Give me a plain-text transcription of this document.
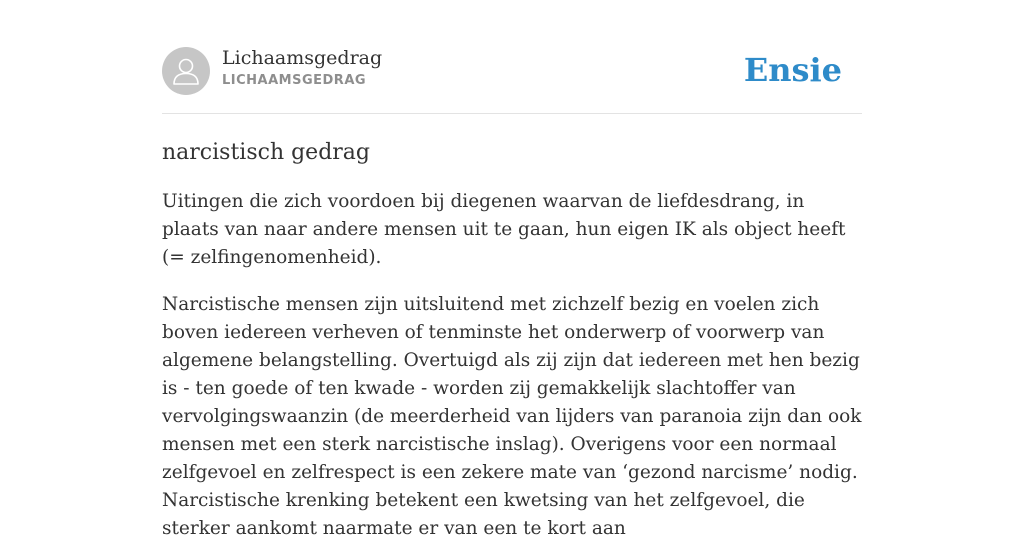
Lichaamsgedrag
LICHAAMSGEDRAG	Ensie
narcistisch gedrag

Uitingen die zich voordoen bij diegenen waarvan de liefdesdrang, in plaats van naar andere mensen uit te gaan, hun eigen IK als object heeft (= zelfingenomenheid).

Narcistische mensen zijn uitsluitend met zichzelf bezig en voelen zich boven iedereen verheven of tenminste het onderwerp of voorwerp van algemene belangstelling. Overtuigd als zij zijn dat iedereen met hen bezig is - ten goede of ten kwade - worden zij gemakkelijk slachtoffer van vervolgingswaanzin (de meerderheid van lijders van paranoia zijn dan ook mensen met een sterk narcistische inslag). Overigens voor een normaal zelfgevoel en zelfrespect is een zekere mate van ‘gezond narcisme’ nodig. Narcistische krenking betekent een kwetsing van het zelfgevoel, die sterker aankomt naarmate er van een te kort aan
